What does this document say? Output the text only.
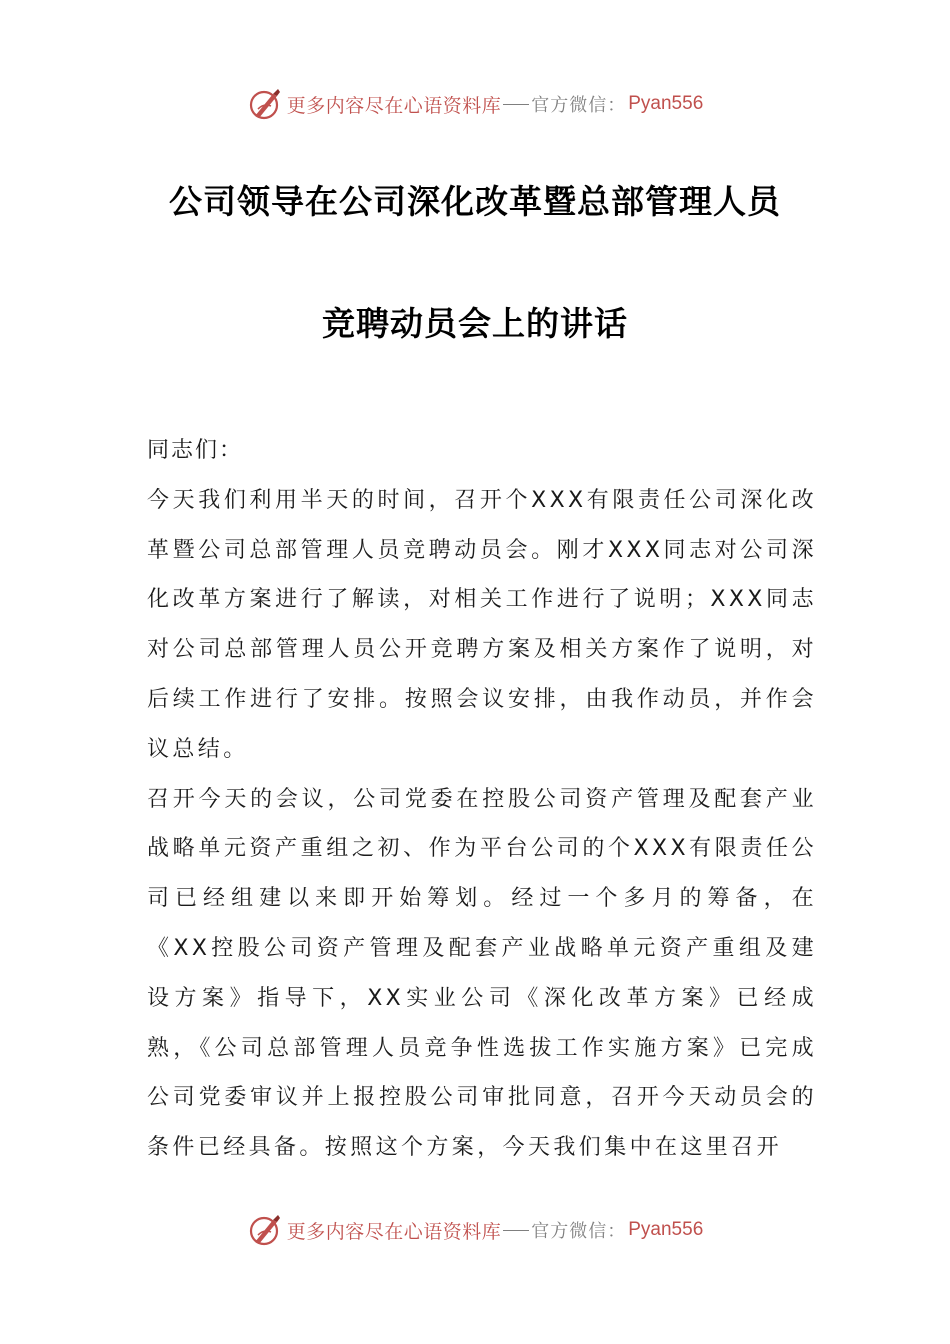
更多内容尽在心语资料库 官方微信： Pyan556
公司领导在公司深化改革暨总部管理人员
竞聘动员会上的讲话

同志们：

今天我们利用半天的时间，召开个XXX有限责任公司深化改革暨公司总部管理人员竞聘动员会。刚才XXX同志对公司深化改革方案进行了解读，对相关工作进行了说明；XXX同志对公司总部管理人员公开竞聘方案及相关方案作了说明，对后续工作进行了安排。按照会议安排，由我作动员，并作会议总结。

召开今天的会议，公司党委在控股公司资产管理及配套产业战略单元资产重组之初、作为平台公司的个XXX有限责任公司已经组建以来即开始筹划。经过一个多月的筹备，在《XX控股公司资产管理及配套产业战略单元资产重组及建设方案》指导下，XX实业公司《深化改革方案》已经成熟，《公司总部管理人员竞争性选拔工作实施方案》已完成公司党委审议并上报控股公司审批同意，召开今天动员会的条件已经具备。按照这个方案，今天我们集中在这里召开

更多内容尽在心语资料库 官方微信： Pyan556
